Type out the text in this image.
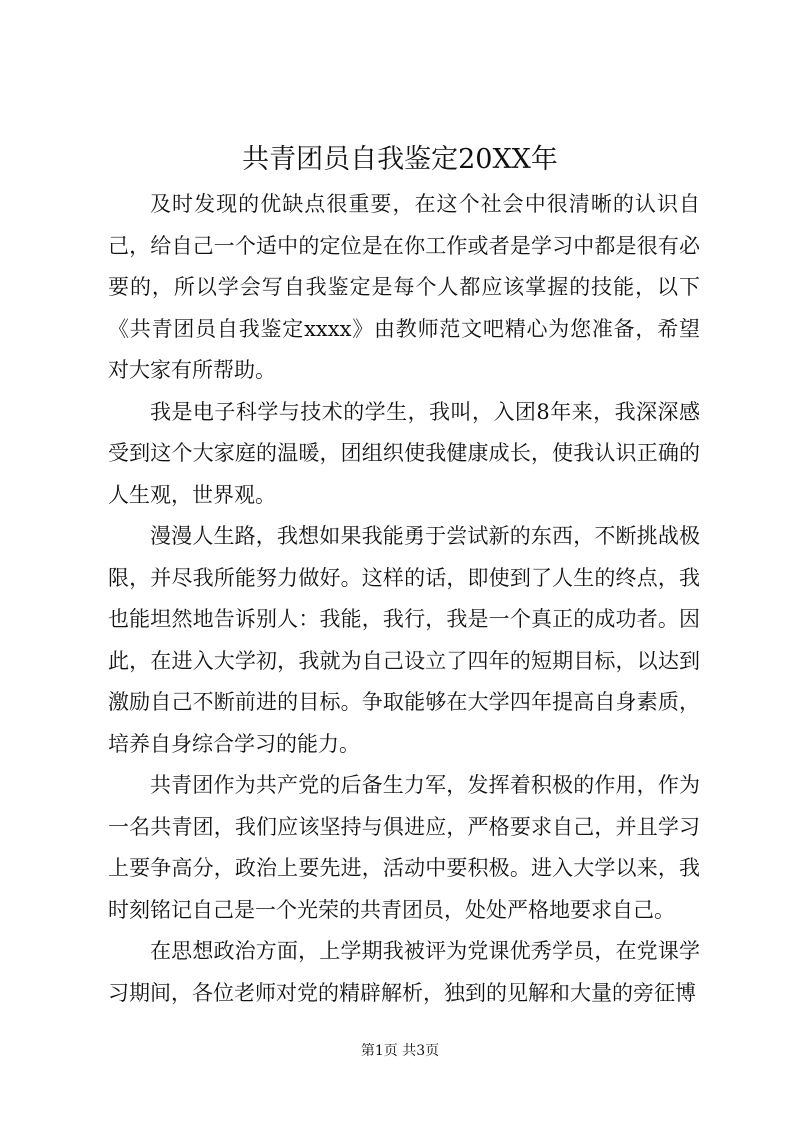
共青团员自我鉴定20XX年

及时发现的优缺点很重要，在这个社会中很清晰的认识自己，给自己一个适中的定位是在你工作或者是学习中都是很有必要的，所以学会写自我鉴定是每个人都应该掌握的技能，以下《共青团员自我鉴定xxxx》由教师范文吧精心为您准备，希望对大家有所帮助。

我是电子科学与技术的学生，我叫，入团8年来，我深深感受到这个大家庭的温暖，团组织使我健康成长，使我认识正确的人生观，世界观。

漫漫人生路，我想如果我能勇于尝试新的东西，不断挑战极限，并尽我所能努力做好。这样的话，即使到了人生的终点，我也能坦然地告诉别人：我能，我行，我是一个真正的成功者。因此，在进入大学初，我就为自己设立了四年的短期目标，以达到激励自己不断前进的目标。争取能够在大学四年提高自身素质，培养自身综合学习的能力。

共青团作为共产党的后备生力军，发挥着积极的作用，作为一名共青团，我们应该坚持与俱进应，严格要求自己，并且学习上要争高分，政治上要先进，活动中要积极。进入大学以来，我时刻铭记自己是一个光荣的共青团员，处处严格地要求自己。

在思想政治方面，上学期我被评为党课优秀学员，在党课学习期间，各位老师对党的精辟解析，独到的见解和大量的旁征博

第1页 共3页
